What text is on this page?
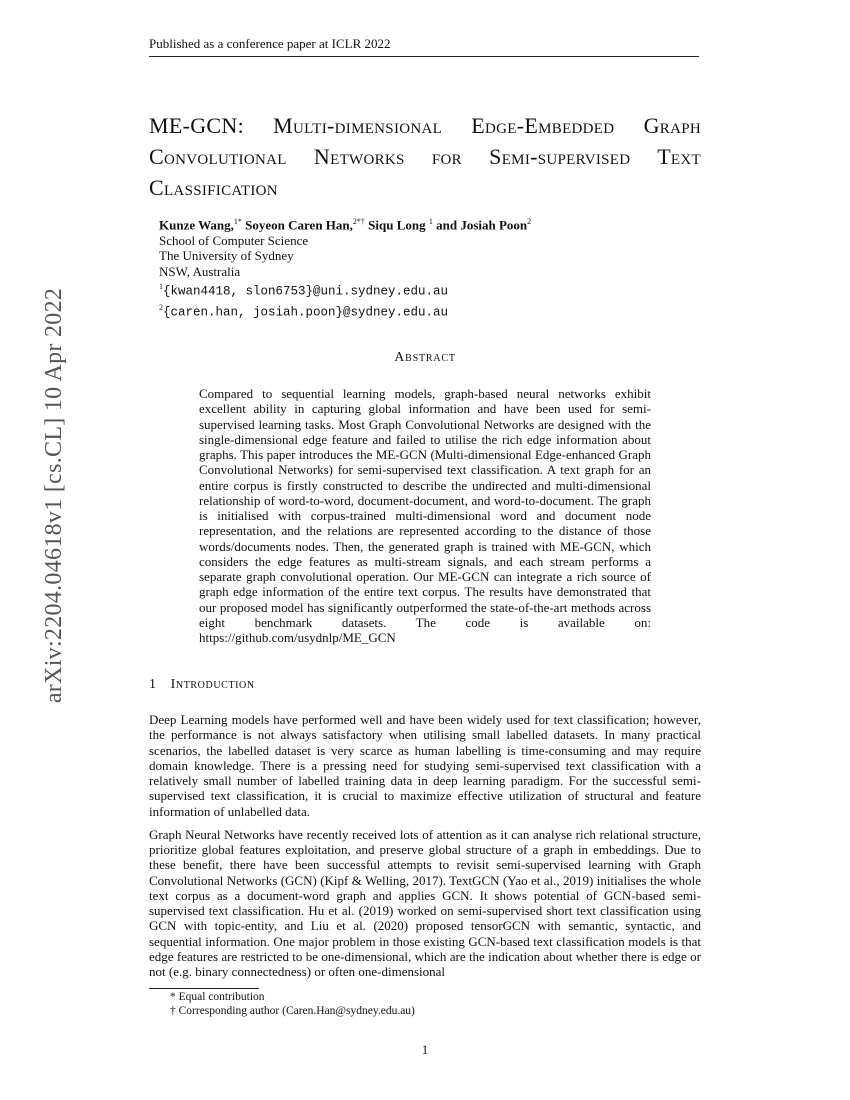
Published as a conference paper at ICLR 2022
arXiv:2204.04618v1 [cs.CL] 10 Apr 2022
ME-GCN: Multi-dimensional Edge-Embedded Graph Convolutional Networks for Semi-supervised Text Classification
Kunze Wang,$^{1*}$ Soyeon Caren Han,$^{2*\dagger}$ Siqu Long $^1$ and Josiah Poon$^2$
School of Computer Science
The University of Sydney
NSW, Australia
$^1${kwan4418, slon6753}@uni.sydney.edu.au
$^2${caren.han, josiah.poon}@sydney.edu.au
Abstract
Compared to sequential learning models, graph-based neural networks exhibit excellent ability in capturing global information and have been used for semi-supervised learning tasks. Most Graph Convolutional Networks are designed with the single-dimensional edge feature and failed to utilise the rich edge information about graphs. This paper introduces the ME-GCN (Multi-dimensional Edge-enhanced Graph Convolutional Networks) for semi-supervised text classification. A text graph for an entire corpus is firstly constructed to describe the undirected and multi-dimensional relationship of word-to-word, document-document, and word-to-document. The graph is initialised with corpus-trained multi-dimensional word and document node representation, and the relations are represented according to the distance of those words/documents nodes. Then, the generated graph is trained with ME-GCN, which considers the edge features as multi-stream signals, and each stream performs a separate graph convolutional operation. Our ME-GCN can integrate a rich source of graph edge information of the entire text corpus. The results have demonstrated that our proposed model has significantly outperformed the state-of-the-art methods across eight benchmark datasets. The code is available on: https://github.com/usydnlp/ME_GCN
1 Introduction

Deep Learning models have performed well and have been widely used for text classification; however, the performance is not always satisfactory when utilising small labelled datasets. In many practical scenarios, the labelled dataset is very scarce as human labelling is time-consuming and may require domain knowledge. There is a pressing need for studying semi-supervised text classification with a relatively small number of labelled training data in deep learning paradigm. For the successful semi-supervised text classification, it is crucial to maximize effective utilization of structural and feature information of unlabelled data.

Graph Neural Networks have recently received lots of attention as it can analyse rich relational structure, prioritize global features exploitation, and preserve global structure of a graph in embeddings. Due to these benefit, there have been successful attempts to revisit semi-supervised learning with Graph Convolutional Networks (GCN) (Kipf & Welling, 2017). TextGCN (Yao et al., 2019) initialises the whole text corpus as a document-word graph and applies GCN. It shows potential of GCN-based semi-supervised text classification. Hu et al. (2019) worked on semi-supervised short text classification using GCN with topic-entity, and Liu et al. (2020) proposed tensorGCN with semantic, syntactic, and sequential information. One major problem in those existing GCN-based text classification models is that edge features are restricted to be one-dimensional, which are the indication about whether there is edge or not (e.g. binary connectedness) or often one-dimensional

* Equal contribution
† Corresponding author (Caren.Han@sydney.edu.au)
1
